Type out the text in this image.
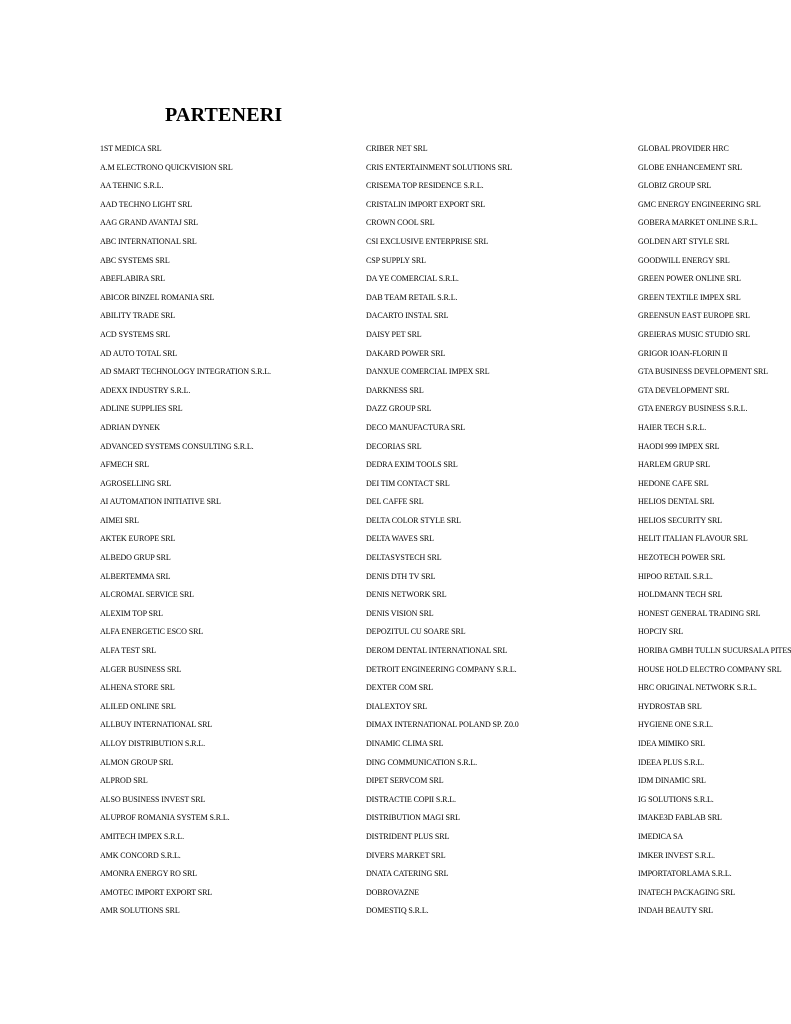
PARTENERI
1ST MEDICA SRL
A.M ELECTRONO QUICKVISION SRL
AA TEHNIC S.R.L.
AAD TECHNO LIGHT SRL
AAG GRAND AVANTAJ SRL
ABC INTERNATIONAL SRL
ABC SYSTEMS SRL
ABEFLABIRA SRL
ABICOR BINZEL ROMANIA SRL
ABILITY TRADE SRL
ACD SYSTEMS SRL
AD AUTO TOTAL SRL
AD SMART TECHNOLOGY INTEGRATION S.R.L.
ADEXX INDUSTRY S.R.L.
ADLINE SUPPLIES SRL
ADRIAN DYNEK
ADVANCED SYSTEMS CONSULTING S.R.L.
AFMECH SRL
AGROSELLING SRL
AI AUTOMATION INITIATIVE SRL
AIMEI SRL
AKTEK EUROPE SRL
ALBEDO GRUP SRL
ALBERTEMMA SRL
ALCROMAL SERVICE SRL
ALEXIM TOP SRL
ALFA ENERGETIC ESCO SRL
ALFA TEST SRL
ALGER BUSINESS SRL
ALHENA STORE SRL
ALILED ONLINE SRL
ALLBUY INTERNATIONAL SRL
ALLOY DISTRIBUTION S.R.L.
ALMON GROUP SRL
ALPROD SRL
ALSO BUSINESS INVEST SRL
ALUPROF ROMANIA SYSTEM S.R.L.
AMITECH IMPEX S.R.L.
AMK CONCORD S.R.L.
AMONRA ENERGY RO SRL
AMOTEC IMPORT EXPORT SRL
AMR SOLUTIONS SRL
CRIBER NET SRL
CRIS ENTERTAINMENT SOLUTIONS SRL
CRISEMA TOP RESIDENCE S.R.L.
CRISTALIN IMPORT EXPORT SRL
CROWN COOL SRL
CSI EXCLUSIVE ENTERPRISE SRL
CSP SUPPLY SRL
DA YE COMERCIAL S.R.L.
DAB TEAM RETAIL S.R.L.
DACARTO INSTAL SRL
DAISY PET SRL
DAKARD POWER SRL
DANXUE COMERCIAL IMPEX SRL
DARKNESS SRL
DAZZ GROUP SRL
DECO MANUFACTURA SRL
DECORIAS SRL
DEDRA EXIM TOOLS SRL
DEI TIM CONTACT SRL
DEL CAFFE SRL
DELTA COLOR STYLE SRL
DELTA WAVES SRL
DELTASYSTECH SRL
DENIS DTH TV SRL
DENIS NETWORK SRL
DENIS VISION SRL
DEPOZITUL CU SOARE SRL
DEROM DENTAL INTERNATIONAL SRL
DETROIT ENGINEERING COMPANY S.R.L.
DEXTER COM SRL
DIALEXTOY SRL
DIMAX INTERNATIONAL POLAND SP. Z0.0
DINAMIC CLIMA SRL
DING COMMUNICATION S.R.L.
DIPET SERVCOM SRL
DISTRACTIE COPII S.R.L.
DISTRIBUTION MAGI SRL
DISTRIDENT PLUS SRL
DIVERS MARKET SRL
DNATA CATERING SRL
DOBROVAZNE
DOMESTIQ S.R.L.
GLOBAL PROVIDER HRC
GLOBE ENHANCEMENT SRL
GLOBIZ GROUP SRL
GMC ENERGY ENGINEERING SRL
GOBERA MARKET ONLINE S.R.L.
GOLDEN ART STYLE SRL
GOODWILL ENERGY SRL
GREEN POWER ONLINE SRL
GREEN TEXTILE IMPEX SRL
GREENSUN EAST EUROPE SRL
GREIERAS MUSIC STUDIO SRL
GRIGOR IOAN-FLORIN II
GTA BUSINESS DEVELOPMENT SRL
GTA DEVELOPMENT SRL
GTA ENERGY BUSINESS S.R.L.
HAIER TECH S.R.L.
HAODI 999 IMPEX SRL
HARLEM GRUP SRL
HEDONE CAFE SRL
HELIOS DENTAL SRL
HELIOS SECURITY SRL
HELIT ITALIAN FLAVOUR SRL
HEZOTECH POWER SRL
HIPOO RETAIL S.R.L.
HOLDMANN TECH SRL
HONEST GENERAL TRADING SRL
HOPCIY SRL
HORIBA GMBH TULLN SUCURSALA PITES
HOUSE HOLD ELECTRO COMPANY SRL
HRC ORIGINAL NETWORK S.R.L.
HYDROSTAB SRL
HYGIENE ONE S.R.L.
IDEA MIMIKO SRL
IDEEA PLUS S.R.L.
IDM DINAMIC SRL
IG SOLUTIONS S.R.L.
IMAKE3D FABLAB SRL
IMEDICA SA
IMKER INVEST S.R.L.
IMPORTATORLAMA S.R.L.
INATECH PACKAGING SRL
INDAH BEAUTY SRL
